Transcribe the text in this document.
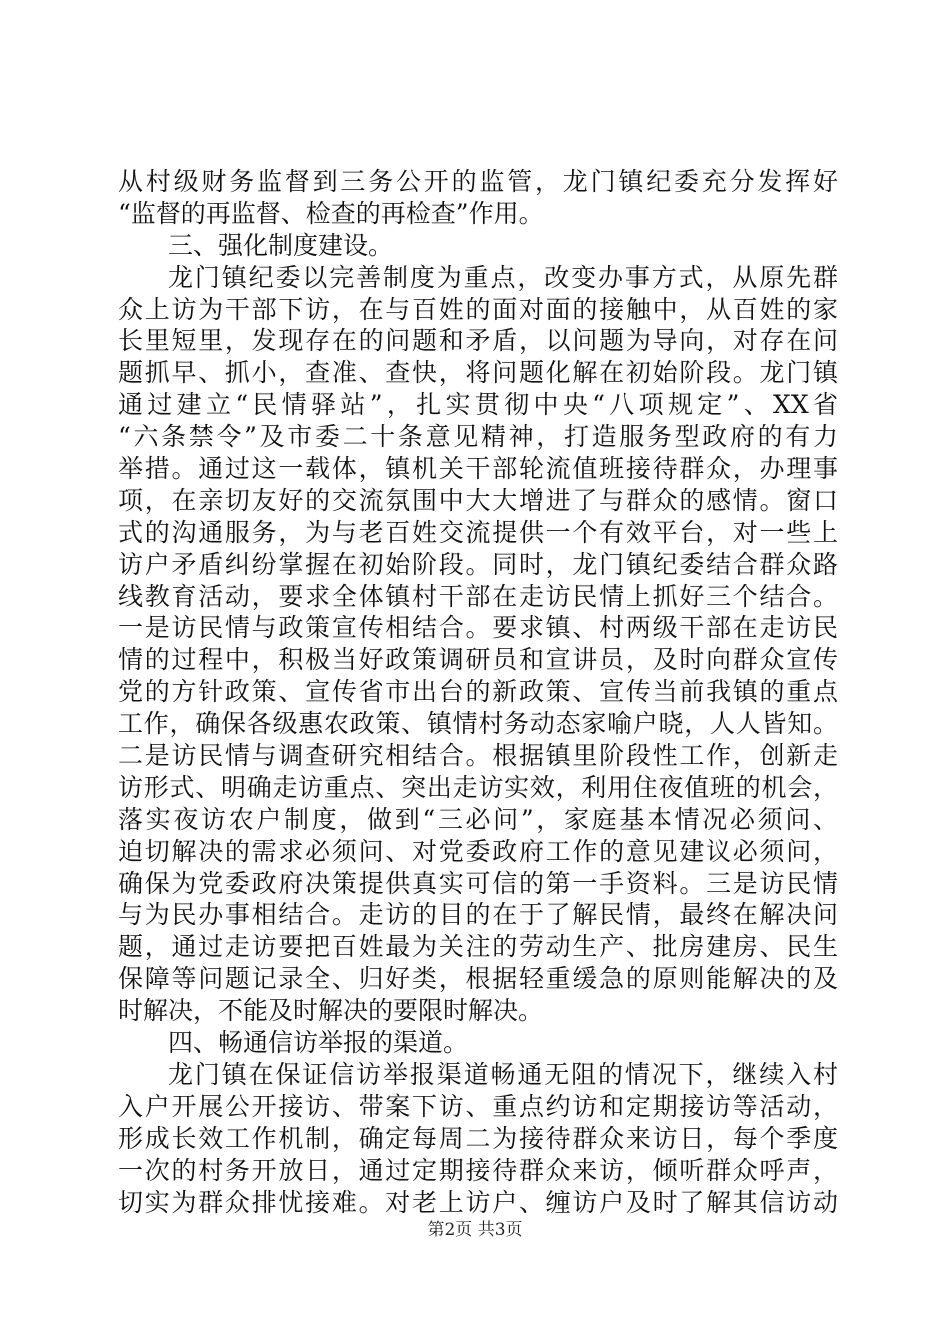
从村级财务监督到三务公开的监管，龙门镇纪委充分发挥好
“监督的再监督、检查的再检查”作用。
三、强化制度建设。
龙门镇纪委以完善制度为重点，改变办事方式，从原先群
众上访为干部下访，在与百姓的面对面的接触中，从百姓的家
长里短里，发现存在的问题和矛盾，以问题为导向，对存在问
题抓早、抓小，查准、查快，将问题化解在初始阶段。龙门镇
通过建立“民情驿站”，扎实贯彻中央“八项规定”、XX省
“六条禁令”及市委二十条意见精神，打造服务型政府的有力
举措。通过这一载体，镇机关干部轮流值班接待群众，办理事
项，在亲切友好的交流氛围中大大增进了与群众的感情。窗口
式的沟通服务，为与老百姓交流提供一个有效平台，对一些上
访户矛盾纠纷掌握在初始阶段。同时，龙门镇纪委结合群众路
线教育活动，要求全体镇村干部在走访民情上抓好三个结合。
一是访民情与政策宣传相结合。要求镇、村两级干部在走访民
情的过程中，积极当好政策调研员和宣讲员，及时向群众宣传
党的方针政策、宣传省市出台的新政策、宣传当前我镇的重点
工作，确保各级惠农政策、镇情村务动态家喻户晓，人人皆知。
二是访民情与调查研究相结合。根据镇里阶段性工作，创新走
访形式、明确走访重点、突出走访实效，利用住夜值班的机会，
落实夜访农户制度，做到“三必问”，家庭基本情况必须问、
迫切解决的需求必须问、对党委政府工作的意见建议必须问，
确保为党委政府决策提供真实可信的第一手资料。三是访民情
与为民办事相结合。走访的目的在于了解民情，最终在解决问
题，通过走访要把百姓最为关注的劳动生产、批房建房、民生
保障等问题记录全、归好类，根据轻重缓急的原则能解决的及
时解决，不能及时解决的要限时解决。
四、畅通信访举报的渠道。
龙门镇在保证信访举报渠道畅通无阻的情况下，继续入村
入户开展公开接访、带案下访、重点约访和定期接访等活动，
形成长效工作机制，确定每周二为接待群众来访日，每个季度
一次的村务开放日，通过定期接待群众来访，倾听群众呼声，
切实为群众排忧接难。对老上访户、缠访户及时了解其信访动
第2页 共3页
